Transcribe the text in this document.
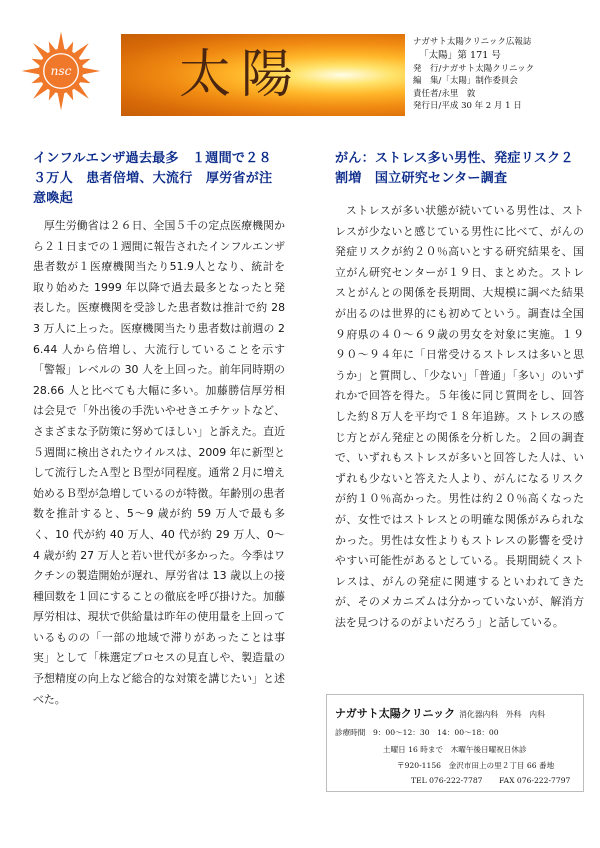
nsc 太陽
ナガサト太陽クリニック広報誌
「太陽」第 171 号
発　行/ナガサト太陽クリニック
編　集/「太陽」制作委員会
責任者/永里　敦
発行日/平成 30 年 2 月 1 日
インフルエンザ過去最多　１週間で２８３万人　患者倍増、大流行　厚労省が注意喚起

厚生労働省は２６日、全国５千の定点医療機関から２１日までの１週間に報告されたインフルエンザ患者数が１医療機関当たり51.9人となり、統計を取り始めた 1999 年以降で過去最多となったと発表した。医療機関を受診した患者数は推計で約 283 万人に上った。医療機関当たり患者数は前週の 26.44 人から倍増し、大流行していることを示す「警報」レベルの 30 人を上回った。前年同時期の 28.66 人と比べても大幅に多い。加藤勝信厚労相は会見で「外出後の手洗いやせきエチケットなど、さまざまな予防策に努めてほしい」と訴えた。直近５週間に検出されたウイルスは、2009 年に新型として流行したＡ型とＢ型が同程度。通常２月に増え始めるＢ型が急増しているのが特徴。年齢別の患者数を推計すると、5～9 歳が約 59 万人で最も多く、10 代が約 40 万人、40 代が約 29 万人、0～4 歳が約 27 万人と若い世代が多かった。今季はワクチンの製造開始が遅れ、厚労省は 13 歳以上の接種回数を１回にすることの徹底を呼び掛けた。加藤厚労相は、現状で供給量は昨年の使用量を上回っているものの「一部の地域で滞りがあったことは事実」として「株選定プロセスの見直しや、製造量の予想精度の向上など総合的な対策を講じたい」と述べた。

がん：ストレス多い男性、発症リスク２割増　国立研究センター調査

ストレスが多い状態が続いている男性は、ストレスが少ないと感じている男性に比べて、がんの発症リスクが約２０％高いとする研究結果を、国立がん研究センターが１９日、まとめた。ストレスとがんとの関係を長期間、大規模に調べた結果が出るのは世界的にも初めてという。調査は全国９府県の４０～６９歳の男女を対象に実施。１９９０～９４年に「日常受けるストレスは多いと思うか」と質問し、「少ない」「普通」「多い」のいずれかで回答を得た。５年後に同じ質問をし、回答した約８万人を平均で１８年追跡。ストレスの感じ方とがん発症との関係を分析した。２回の調査で、いずれもストレスが多いと回答した人は、いずれも少ないと答えた人より、がんになるリスクが約１０％高かった。男性は約２０％高くなったが、女性ではストレスとの明確な関係がみられなかった。男性は女性よりもストレスの影響を受けやすい可能性があるとしている。長期間続くストレスは、がんの発症に関連するといわれてきたが、そのメカニズムは分かっていないが、解消方法を見つけるのがよいだろう」と話している。

ナガサト太陽クリニック 消化器内科　外科　内科
診療時間　9：00～12：30　14：00～18：00
土曜日 16 時まで　木曜午後日曜祝日休診
〒920-1156　金沢市田上の里２丁目 66 番地
TEL 076-222-7787 FAX 076-222-7797
